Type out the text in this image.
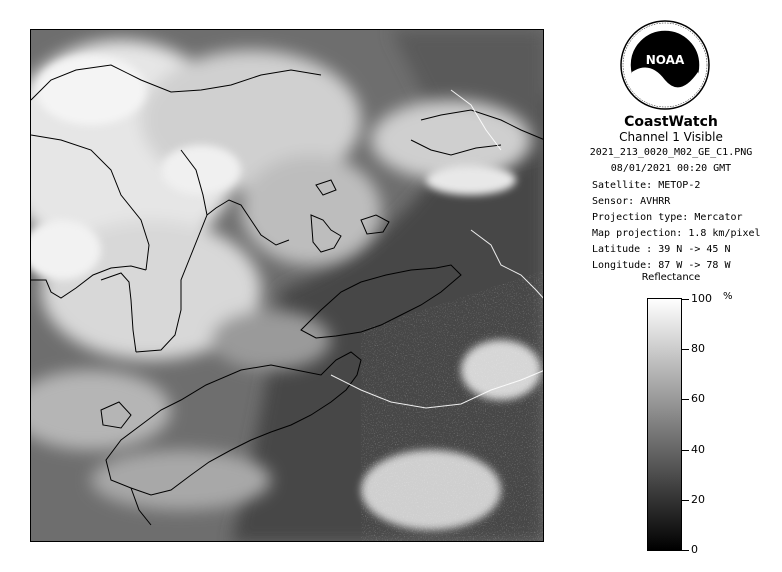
NOAA
CoastWatch
Channel 1 Visible
2021_213_0020_M02_GE_C1.PNG
08/01/2021 00:20 GMT
Satellite: METOP-2
Sensor: AVHRR
Projection type: Mercator
Map projection: 1.8 km/pixel
Latitude : 39 N -> 45 N
Longitude: 87 W -> 78 W
Reflectance
%
100
80
60
40
20
0
